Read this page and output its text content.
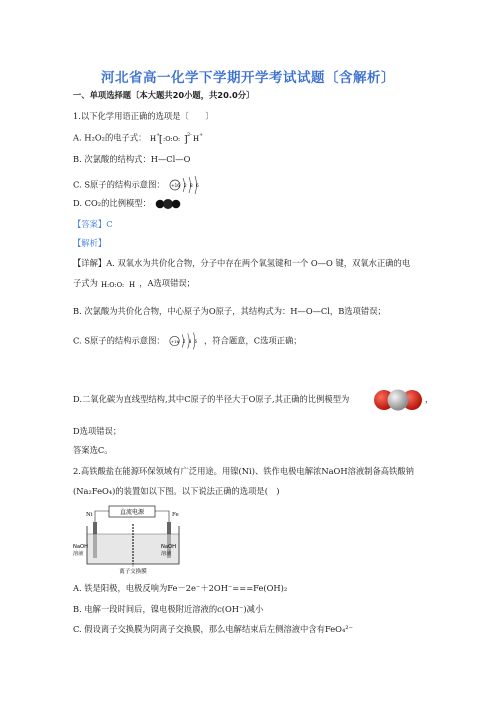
河北省高一化学下学期开学考试试题〔含解析〕
一、单项选择题〔本大题共20小题，共20.0分〕
1.以下化学用语正确的选项是〔　　〕
A. H₂O₂的电子式： H +
[ :O:O: ] 2- H +
B. 次氯酸的结构式：H—Cl—O
C. S原子的结构示意图： +16 2 8 6
D. CO₂的比例模型：
【答案】C
【解析】
【详解】A. 双氧水为共价化合物，分子中存在两个氧氢键和一个 O—O 键，双氧水正确的电
子式为 H :O:O: H ，A选项错误；
B. 次氯酸为共价化合物，中心原子为O原子，其结构式为：H—O—Cl，B选项错误；
C. S原子的结构示意图： +16 2 8 6 ，符合题意，C选项正确；
D.二氧化碳为直线型结构,其中C原子的半径大于O原子,其正确的比例模型为	，
D选项错误；
答案选C。
2.高铁酸盐在能源环保领域有广泛用途。用镍(Ni)、铁作电极电解浓NaOH溶液制备高铁酸钠
(Na₂FeO₄)的装置如以下图。以下说法正确的选项是(　)
直流电源
Ni	Fe
NaOH
溶液
NaOH
溶液
离子交换膜
A. 铁是阳极，电极反响为Fe－2e⁻＋2OH⁻===Fe(OH)₂
B. 电解一段时间后，镍电极附近溶液的c(OH⁻)减小
C. 假设离子交换膜为阴离子交换膜，那么电解结束后左侧溶液中含有FeO₄²⁻
